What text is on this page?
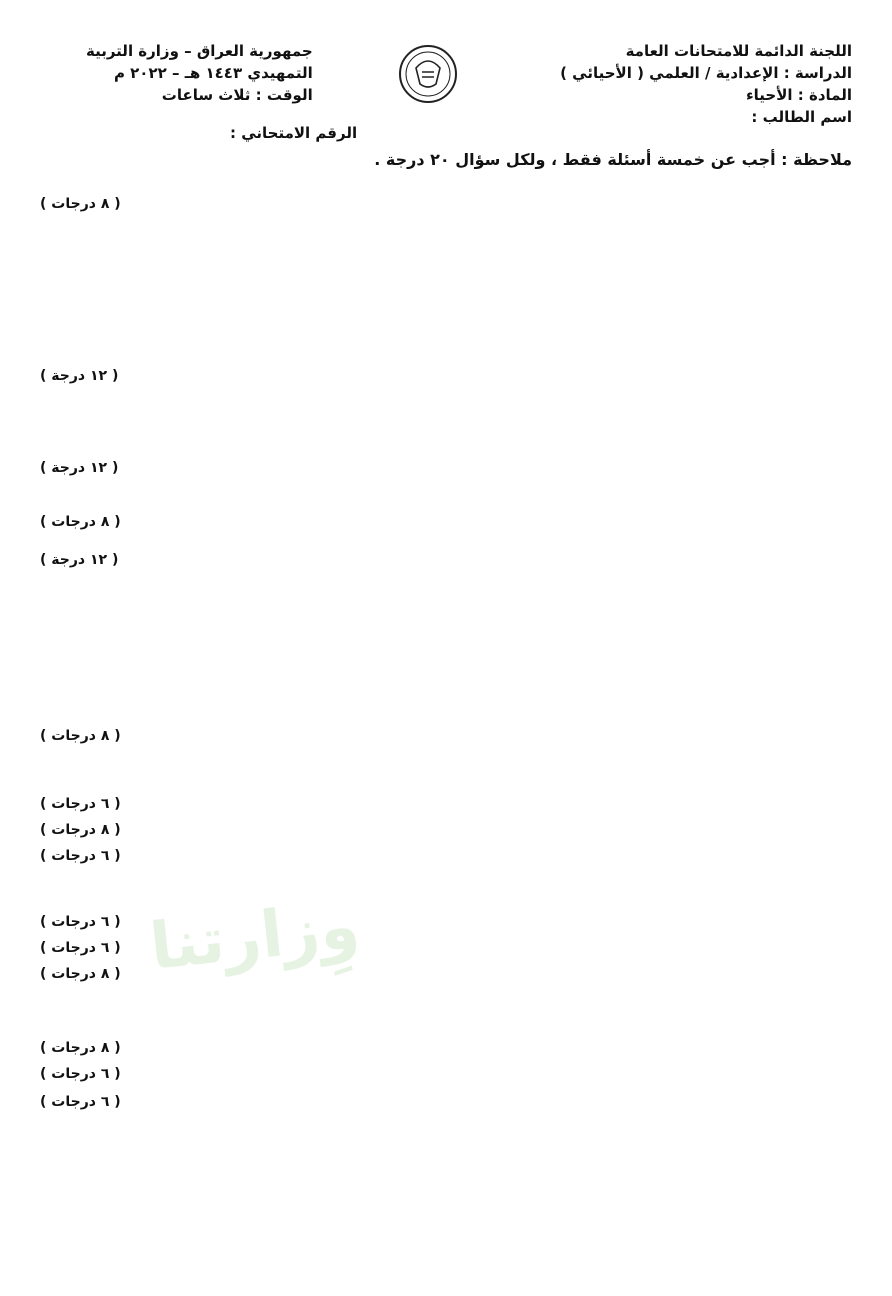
اللجنة الدائمة للامتحانات العامة
الدراسة : الإعدادية / العلمي ( الأحيائي )
المادة : الأحياء
اسم الطالب :
جمهورية العراق – وزارة التربية
التمهيدي ١٤٤٣ هـ – ٢٠٢٢ م
الوقت : ثلاث ساعات
الرقم الامتحاني :
ملاحظة : أجب عن خمسة أسئلة فقط ، ولكل سؤال ٢٠ درجة .
وِزارتنا
( ٨ درجات )
( ١٢ درجة )
( ١٢ درجة )
( ٨ درجات )
( ١٢ درجة )
( ٨ درجات )
( ٦ درجات )
( ٨ درجات )
( ٦ درجات )
( ٦ درجات )
( ٦ درجات )
( ٨ درجات )
( ٨ درجات )
( ٦ درجات )
( ٦ درجات )
